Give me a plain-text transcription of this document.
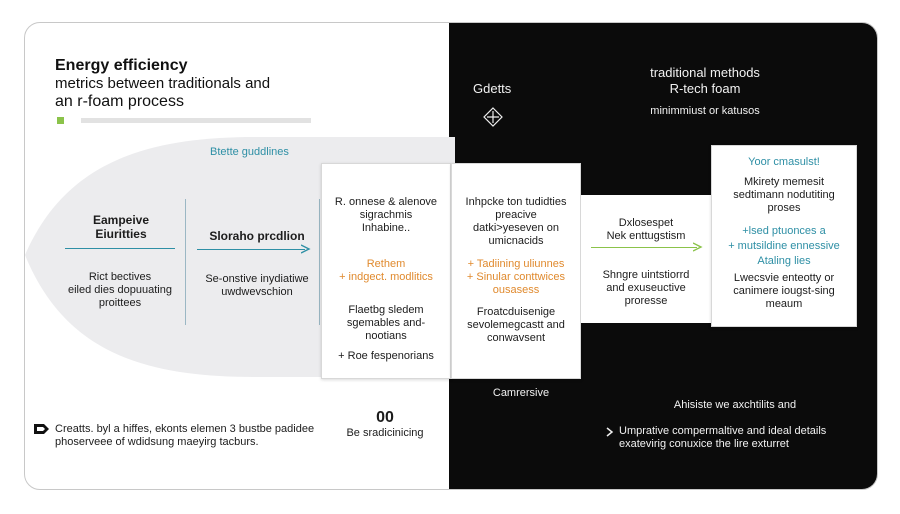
Energy efficiency
metrics between traditionals and
an r-foam process
Btette guddlines
Eampeive
Eiuritties
Rict bectives
eiled dies dopuuating
proittees
Sloraho prcdlion
Se-onstive inydiatiwe
uwdwevschion
R. onnese & alenove
sigrachmis
Inhabine..
Rethem
+ indgect. modlitics
Flaetbg sledem
sgemables and-
nootians
+ Roe fespenorians
Inhpcke ton tudidties
preacive
datki>yeseven on
umicnacids
+ Tadiining uliunnes
+ Sinular conttwices
ousasess
Froatcduisenige
sevolemegcastt and
conwavsent
Gdetts
traditional methods
R-tech foam
minimmiust or katusos
Dxlosespet
Nek enttugstism
Shngre uintstiorrd
and exuseuctive
proresse
Yoor cmasulst!
Mkirety memesit
sedtimann nodutiting
proses
+lsed ptuonces a
+ mutsildine ennessive
Ataling lies
Lwecsvie enteotty or
canimere iougst-sing
meaum
Camrersive
Ahisiste we axchtilits and
Creatts. byl a hiffes, ekonts elemen 3 bustbe padidee
phoserveee of wdidsung maeyirg tacburs.
00
Be sradicinicing	Umprative compermaltive and ideal details
exatevirig conuxice the lire exturret
